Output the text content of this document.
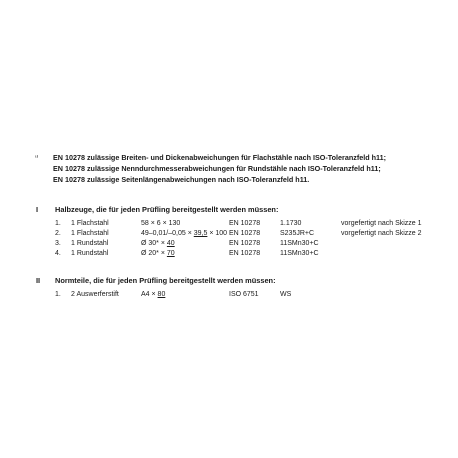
¹⁾ EN 10278 zulässige Breiten- und Dickenabweichungen für Flachstähle nach ISO-Toleranzfeld h11;
EN 10278 zulässige Nenndurchmesserabweichungen für Rundstähle nach ISO-Toleranzfeld h11;
EN 10278 zulässige Seitenlängenabweichungen nach ISO-Toleranzfeld h11.
I Halbzeuge, die für jeden Prüfling bereitgestellt werden müssen:
1. 1 Flachstahl	58 × 6 × 130	EN 10278	1.1730	vorgefertigt nach Skizze 1
2. 1 Flachstahl	49–0,01/–0,05 × 39,5 × 100 EN 10278	S235JR+C	vorgefertigt nach Skizze 2
3. 1 Rundstahl	Ø 30* × 40	EN 10278	11SMn30+C
4. 1 Rundstahl	Ø 20* × 70	EN 10278	11SMn30+C
II Normteile, die für jeden Prüfling bereitgestellt werden müssen:
1. 2 Auswerferstift	A4 × 80	ISO 6751	WS
